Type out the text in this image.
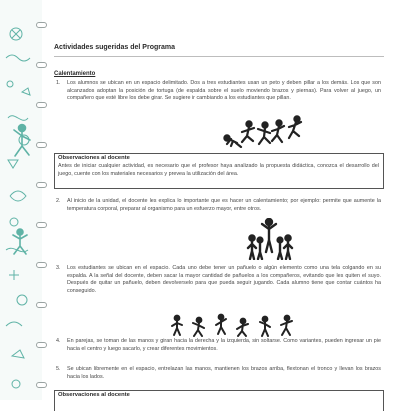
Actividades sugeridas del Programa
Calentamiento
1. Los alumnos se ubican en un espacio delimitado. Dos a tres estudiantes usan un peto y deben pillar a los demás. Los que son alcanzados adoptan la posición de tortuga (de espalda sobre el suelo moviendo brazos y piernas). Para volver al juego, un compañero que esté libre los debe girar. Se sugiere ir cambiando a los estudiantes que pillan.
Observaciones al docente
Antes de iniciar cualquier actividad, es necesario que el profesor haya analizado la propuesta didáctica, conozca el desarrollo del juego, cuente con los materiales necesarios y prevea la utilización del área.
2. Al inicio de la unidad, el docente les explica lo importante que es hacer un calentamiento; por ejemplo: permite que aumente la temperatura corporal, preparar al organismo para un esfuerzo mayor, entre otros.
3. Los estudiantes se ubican en el espacio. Cada uno debe tener un pañuelo o algún elemento como una tela colgando en su espalda. A la señal del docente, deben sacar la mayor cantidad de pañuelos a los compañeros, evitando que les quiten el suyo. Después de quitar un pañuelo, deben devolverselo para que pueda seguir jugando. Cada alumno tiene que contar cuántos ha conseguido.
4. En parejas, se toman de las manos y giran hacia la derecha y la izquierda, sin soltarse. Como variantes, pueden ingresar un pie hacia el centro y luego sacarlo, y crear diferentes movimientos.
5. Se ubican libremente en el espacio, entrelazan las manos, mantienen los brazos arriba, flextonan el tronco y llevan los brazos hacia los lados.
Observaciones al docente
